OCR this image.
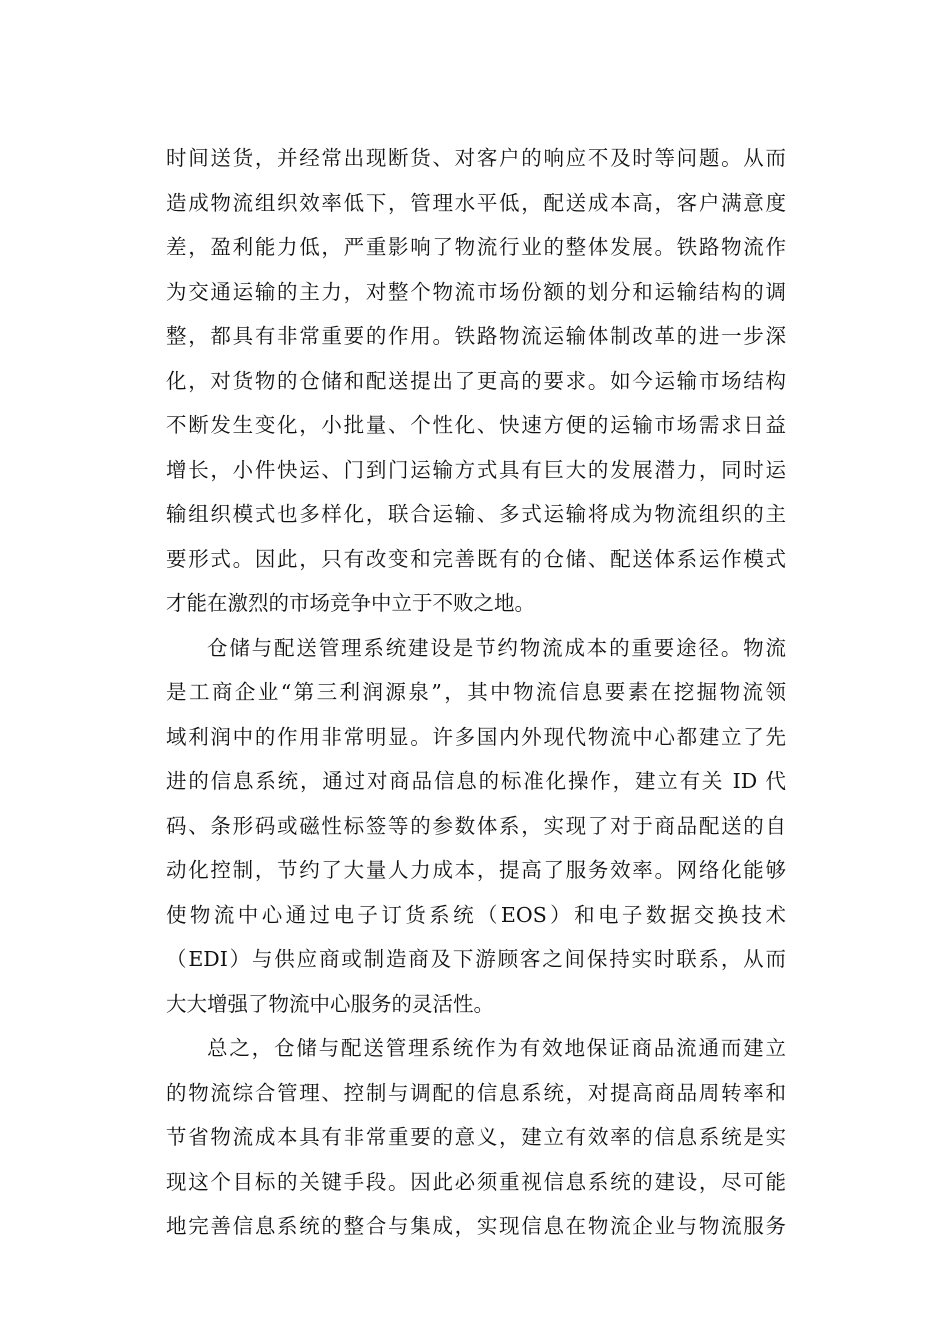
时间送货，并经常出现断货、对客户的响应不及时等问题。从而
造成物流组织效率低下，管理水平低，配送成本高，客户满意度
差，盈利能力低，严重影响了物流行业的整体发展。铁路物流作
为交通运输的主力，对整个物流市场份额的划分和运输结构的调
整，都具有非常重要的作用。铁路物流运输体制改革的进一步深
化，对货物的仓储和配送提出了更高的要求。如今运输市场结构
不断发生变化，小批量、个性化、快速方便的运输市场需求日益
增长，小件快运、门到门运输方式具有巨大的发展潜力，同时运
输组织模式也多样化，联合运输、多式运输将成为物流组织的主
要形式。因此，只有改变和完善既有的仓储、配送体系运作模式
才能在激烈的市场竞争中立于不败之地。
仓储与配送管理系统建设是节约物流成本的重要途径。物流
是工商企业“第三利润源泉”，其中物流信息要素在挖掘物流领
域利润中的作用非常明显。许多国内外现代物流中心都建立了先
进的信息系统，通过对商品信息的标准化操作，建立有关 ID 代
码、条形码或磁性标签等的参数体系，实现了对于商品配送的自
动化控制，节约了大量人力成本，提高了服务效率。网络化能够
使物流中心通过电子订货系统（EOS）和电子数据交换技术
（EDI）与供应商或制造商及下游顾客之间保持实时联系，从而
大大增强了物流中心服务的灵活性。
总之，仓储与配送管理系统作为有效地保证商品流通而建立
的物流综合管理、控制与调配的信息系统，对提高商品周转率和
节省物流成本具有非常重要的意义，建立有效率的信息系统是实
现这个目标的关键手段。因此必须重视信息系统的建设，尽可能
地完善信息系统的整合与集成，实现信息在物流企业与物流服务
